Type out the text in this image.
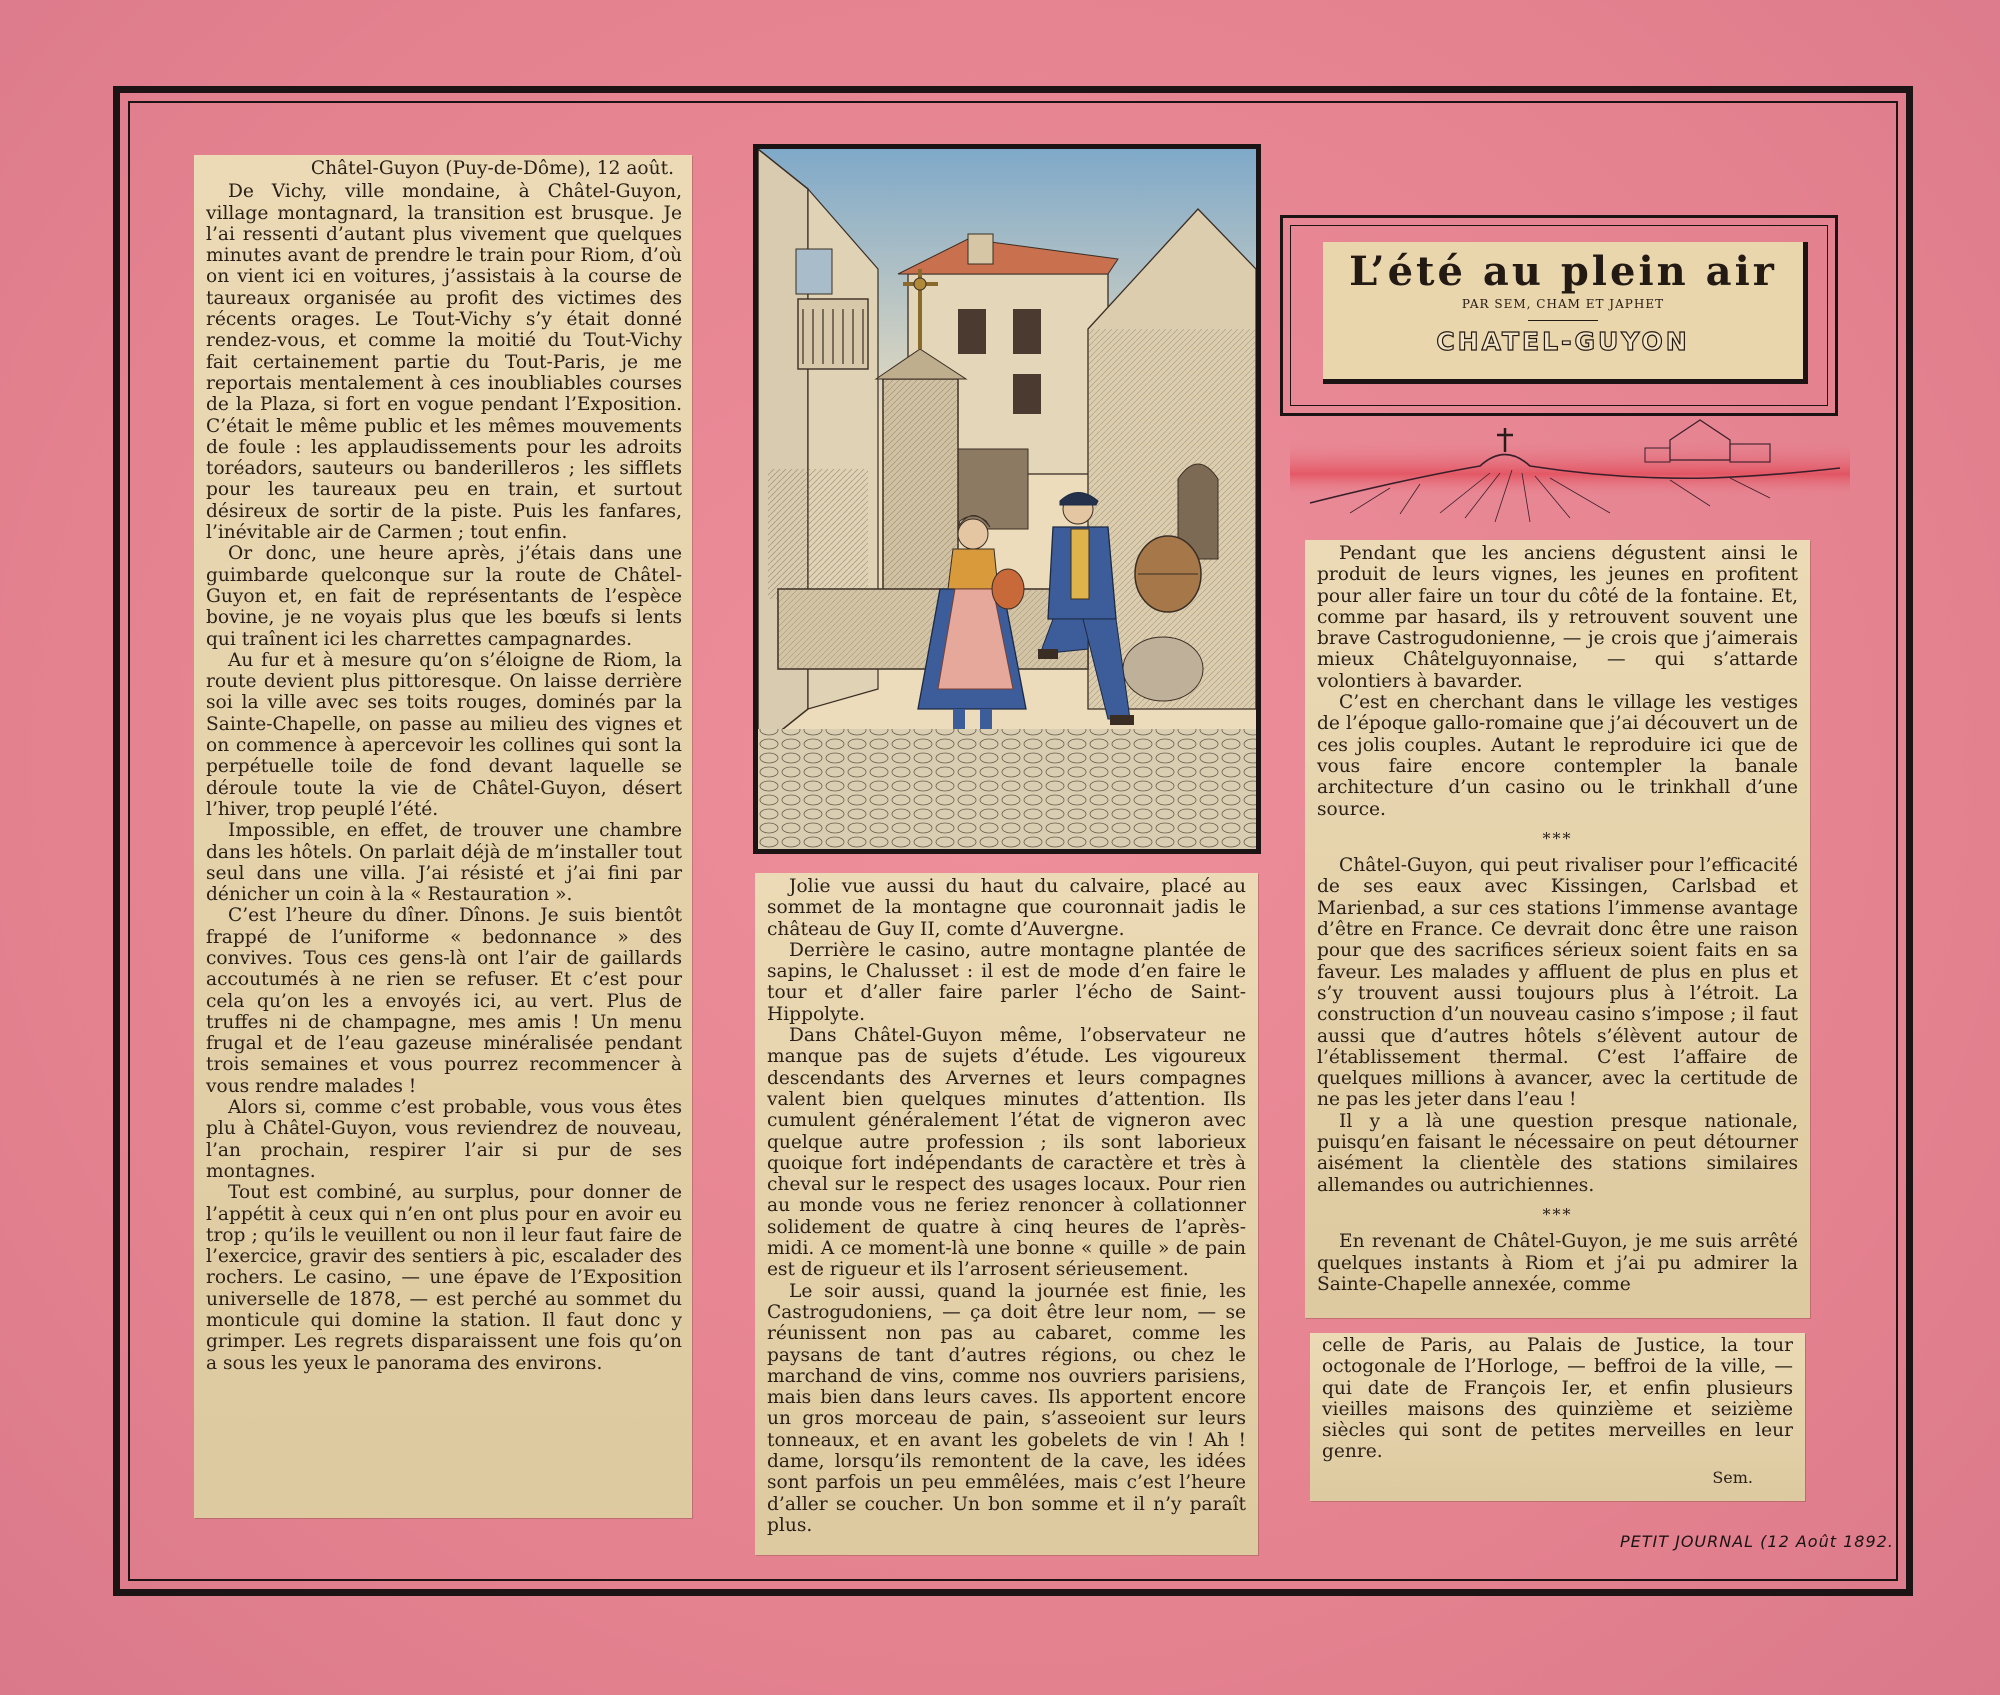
Châtel-Guyon (Puy-de-Dôme), 12 août.

De Vichy, ville mondaine, à Châtel-Guyon, village montagnard, la transition est brusque. Je l’ai ressenti d’autant plus vivement que quelques minutes avant de prendre le train pour Riom, d’où on vient ici en voitures, j’assistais à la course de taureaux organisée au profit des victimes des récents orages. Le Tout-Vichy s’y était donné rendez-vous, et comme la moitié du Tout-Vichy fait certainement partie du Tout-Paris, je me reportais mentalement à ces inoubliables courses de la Plaza, si fort en vogue pendant l’Exposition. C’était le même public et les mêmes mouvements de foule : les applaudissements pour les adroits toréadors, sauteurs ou banderilleros ; les sifflets pour les taureaux peu en train, et surtout désireux de sortir de la piste. Puis les fanfares, l’inévitable air de Carmen ; tout enfin.

Or donc, une heure après, j’étais dans une guimbarde quelconque sur la route de Châtel-Guyon et, en fait de représentants de l’espèce bovine, je ne voyais plus que les bœufs si lents qui traînent ici les charrettes campagnardes.

Au fur et à mesure qu’on s’éloigne de Riom, la route devient plus pittoresque. On laisse derrière soi la ville avec ses toits rouges, dominés par la Sainte-Chapelle, on passe au milieu des vignes et on commence à apercevoir les collines qui sont la perpétuelle toile de fond devant laquelle se déroule toute la vie de Châtel-Guyon, désert l’hiver, trop peuplé l’été.

Impossible, en effet, de trouver une chambre dans les hôtels. On parlait déjà de m’installer tout seul dans une villa. J’ai résisté et j’ai fini par dénicher un coin à la « Restauration ».

C’est l’heure du dîner. Dînons. Je suis bientôt frappé de l’uniforme « bedonnance » des convives. Tous ces gens-là ont l’air de gaillards accoutumés à ne rien se refuser. Et c’est pour cela qu’on les a envoyés ici, au vert. Plus de truffes ni de champagne, mes amis ! Un menu frugal et de l’eau gazeuse minéralisée pendant trois semaines et vous pourrez recommencer à vous rendre malades !

Alors si, comme c’est probable, vous vous êtes plu à Châtel-Guyon, vous reviendrez de nouveau, l’an prochain, respirer l’air si pur de ses montagnes.

Tout est combiné, au surplus, pour donner de l’appétit à ceux qui n’en ont plus pour en avoir eu trop ; qu’ils le veuillent ou non il leur faut faire de l’exercice, gravir des sentiers à pic, escalader des rochers. Le casino, — une épave de l’Exposition universelle de 1878, — est perché au sommet du monticule qui domine la station. Il faut donc y grimper. Les regrets disparaissent une fois qu’on a sous les yeux le panorama des environs.

L’été au plein air
PAR SEM, CHAM ET JAPHET
CHATEL-GUYON

Jolie vue aussi du haut du calvaire, placé au sommet de la montagne que couronnait jadis le château de Guy II, comte d’Auvergne.

Derrière le casino, autre montagne plantée de sapins, le Chalusset : il est de mode d’en faire le tour et d’aller faire parler l’écho de Saint-Hippolyte.

Dans Châtel-Guyon même, l’observateur ne manque pas de sujets d’étude. Les vigoureux descendants des Arvernes et leurs compagnes valent bien quelques minutes d’attention. Ils cumulent généralement l’état de vigneron avec quelque autre profession ; ils sont laborieux quoique fort indépendants de caractère et très à cheval sur le respect des usages locaux. Pour rien au monde vous ne feriez renoncer à collationner solidement de quatre à cinq heures de l’après-midi. A ce moment-là une bonne « quille » de pain est de rigueur et ils l’arrosent sérieusement.

Le soir aussi, quand la journée est finie, les Castrogudoniens, — ça doit être leur nom, — se réunissent non pas au cabaret, comme les paysans de tant d’autres régions, ou chez le marchand de vins, comme nos ouvriers parisiens, mais bien dans leurs caves. Ils apportent encore un gros morceau de pain, s’asseoient sur leurs tonneaux, et en avant les gobelets de vin ! Ah ! dame, lorsqu’ils remontent de la cave, les idées sont parfois un peu emmêlées, mais c’est l’heure d’aller se coucher. Un bon somme et il n’y paraît plus.

Pendant que les anciens dégustent ainsi le produit de leurs vignes, les jeunes en profitent pour aller faire un tour du côté de la fontaine. Et, comme par hasard, ils y retrouvent souvent une brave Castrogudonienne, — je crois que j’aimerais mieux Châtelguyonnaise, — qui s’attarde volontiers à bavarder.

C’est en cherchant dans le village les vestiges de l’époque gallo-romaine que j’ai découvert un de ces jolis couples. Autant le reproduire ici que de vous faire encore contempler la banale architecture d’un casino ou le trinkhall d’une source.

***

Châtel-Guyon, qui peut rivaliser pour l’efficacité de ses eaux avec Kissingen, Carlsbad et Marienbad, a sur ces stations l’immense avantage d’être en France. Ce devrait donc être une raison pour que des sacrifices sérieux soient faits en sa faveur. Les malades y affluent de plus en plus et s’y trouvent aussi toujours plus à l’étroit. La construction d’un nouveau casino s’impose ; il faut aussi que d’autres hôtels s’élèvent autour de l’établissement thermal. C’est l’affaire de quelques millions à avancer, avec la certitude de ne pas les jeter dans l’eau !

Il y a là une question presque nationale, puisqu’en faisant le nécessaire on peut détourner aisément la clientèle des stations similaires allemandes ou autrichiennes.

***

En revenant de Châtel-Guyon, je me suis arrêté quelques instants à Riom et j’ai pu admirer la Sainte-Chapelle annexée, comme

celle de Paris, au Palais de Justice, la tour octogonale de l’Horloge, — beffroi de la ville, — qui date de François Ier, et enfin plusieurs vieilles maisons des quinzième et seizième siècles qui sont de petites merveilles en leur genre.

Sem.

PETIT JOURNAL (12 Août 1892.
